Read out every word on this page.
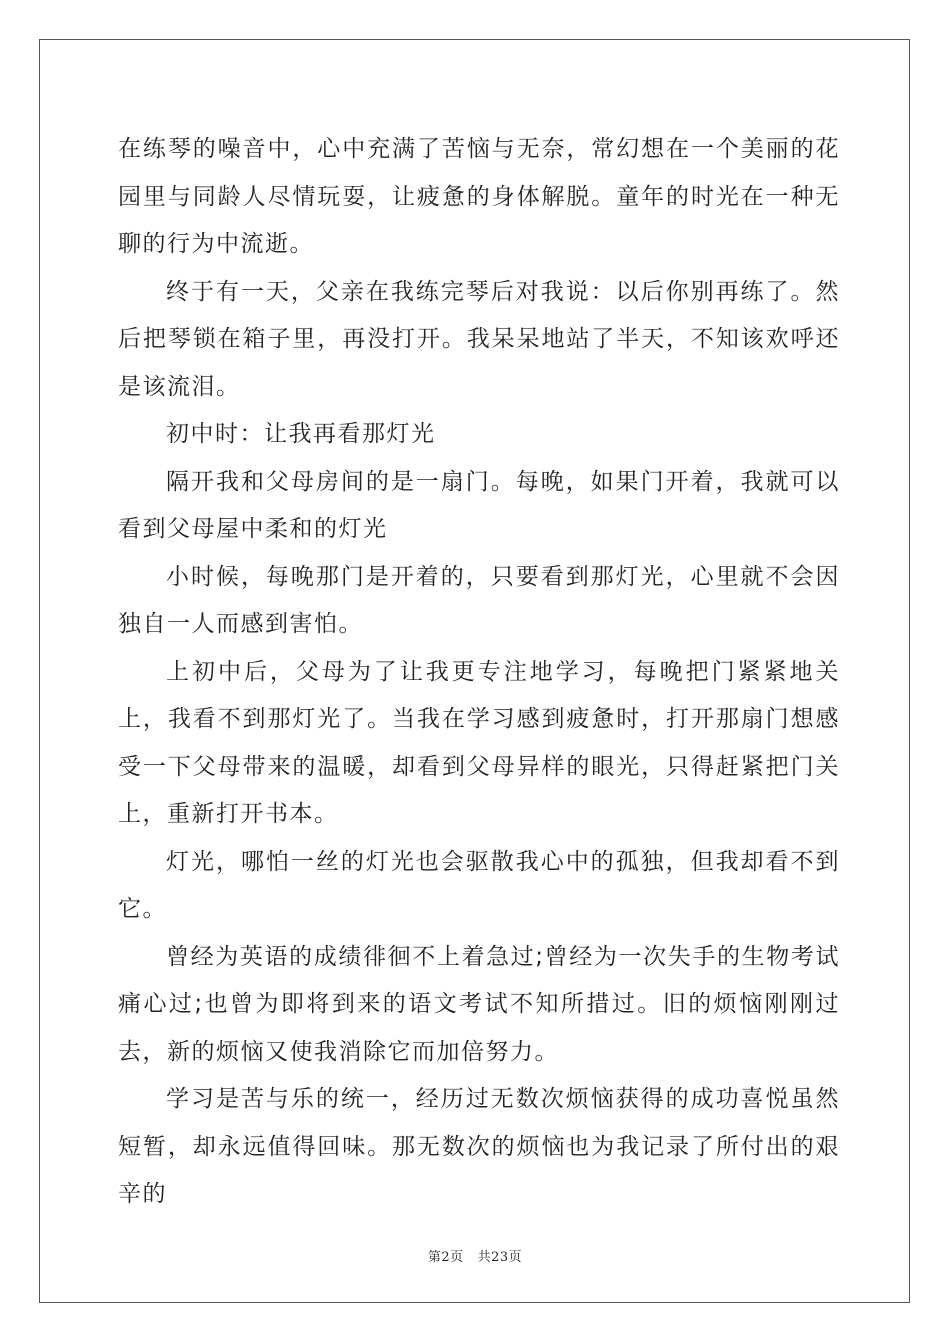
在练琴的噪音中，心中充满了苦恼与无奈，常幻想在一个美丽的花园里与同龄人尽情玩耍，让疲惫的身体解脱。童年的时光在一种无聊的行为中流逝。

终于有一天，父亲在我练完琴后对我说：以后你别再练了。然后把琴锁在箱子里，再没打开。我呆呆地站了半天，不知该欢呼还是该流泪。

初中时：让我再看那灯光

隔开我和父母房间的是一扇门。每晚，如果门开着，我就可以看到父母屋中柔和的灯光

小时候，每晚那门是开着的，只要看到那灯光，心里就不会因独自一人而感到害怕。

上初中后，父母为了让我更专注地学习，每晚把门紧紧地关上，我看不到那灯光了。当我在学习感到疲惫时，打开那扇门想感受一下父母带来的温暖，却看到父母异样的眼光，只得赶紧把门关上，重新打开书本。

灯光，哪怕一丝的灯光也会驱散我心中的孤独，但我却看不到它。

曾经为英语的成绩徘徊不上着急过;曾经为一次失手的生物考试痛心过;也曾为即将到来的语文考试不知所措过。旧的烦恼刚刚过去，新的烦恼又使我消除它而加倍努力。

学习是苦与乐的统一，经历过无数次烦恼获得的成功喜悦虽然短暂，却永远值得回味。那无数次的烦恼也为我记录了所付出的艰辛的

第2页 共23页
